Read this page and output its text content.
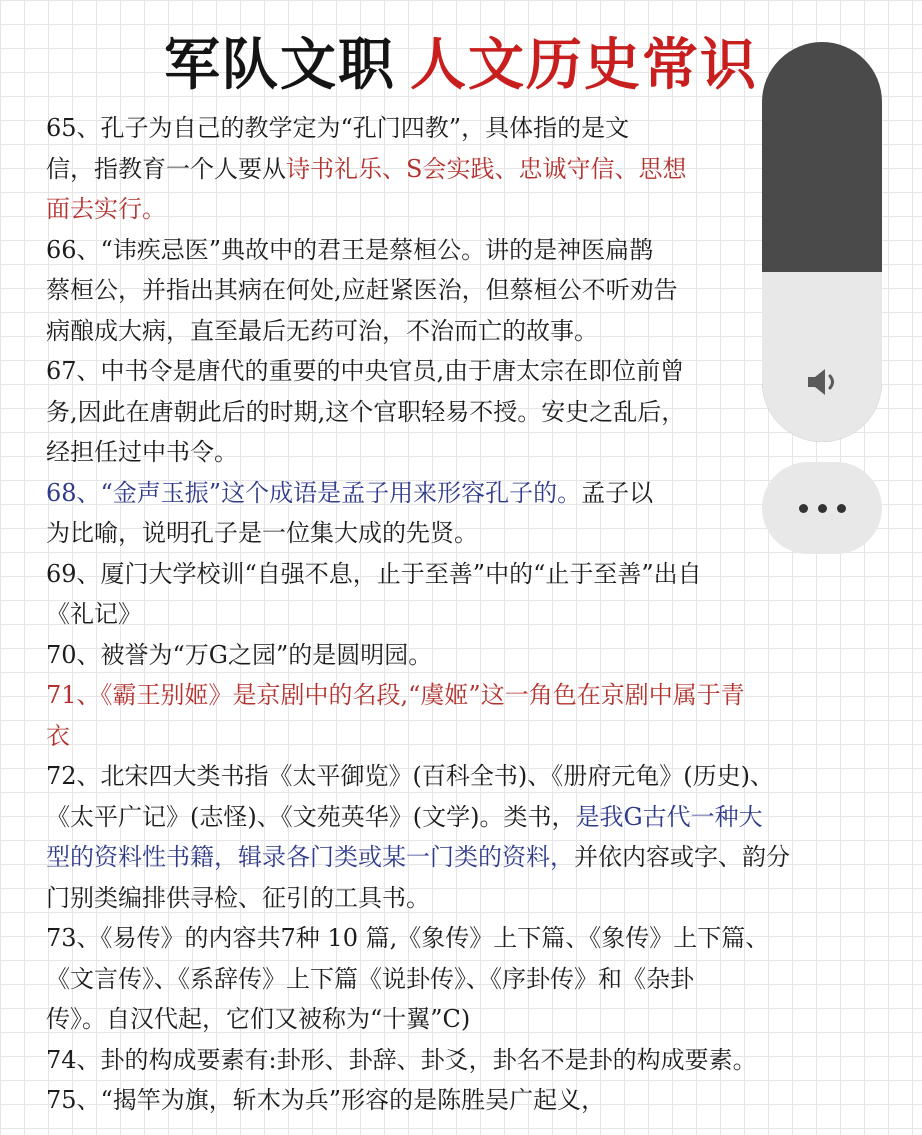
军队文职 人文历史常识
65、孔子为自己的教学定为“孔门四教”，具体指的是文
信，指教育一个人要从诗书礼乐、S会实践、忠诚守信、思想
面去实行。
66、“讳疾忌医”典故中的君王是蔡桓公。讲的是神医扁鹊
蔡桓公，并指出其病在何处,应赶紧医治，但蔡桓公不听劝告
病酿成大病，直至最后无药可治，不治而亡的故事。
67、中书令是唐代的重要的中央官员,由于唐太宗在即位前曾
务,因此在唐朝此后的时期,这个官职轻易不授。安史之乱后，
经担任过中书令。
68、“金声玉振”这个成语是孟子用来形容孔子的。孟子以
为比喻，说明孔子是一位集大成的先贤。
69、厦门大学校训“自强不息，止于至善”中的“止于至善”出自
《礼记》
70、被誉为“万G之园”的是圆明园。
71、《霸王别姬》是京剧中的名段,“虞姬”这一角色在京剧中属于青
衣
72、北宋四大类书指《太平御览》(百科全书)、《册府元龟》(历史)、
《太平广记》(志怪)、《文苑英华》(文学)。类书，是我G古代一种大
型的资料性书籍，辑录各门类或某一门类的资料，并依内容或字、韵分
门别类编排供寻检、征引的工具书。
73、《易传》的内容共7种 10 篇,《象传》上下篇、《象传》上下篇、
《文言传》、《系辞传》上下篇《说卦传》、《序卦传》和《杂卦
传》。自汉代起，它们又被称为“十翼”C)
74、卦的构成要素有:卦形、卦辞、卦爻，卦名不是卦的构成要素。
75、“揭竿为旗，斩木为兵”形容的是陈胜吴广起义，
